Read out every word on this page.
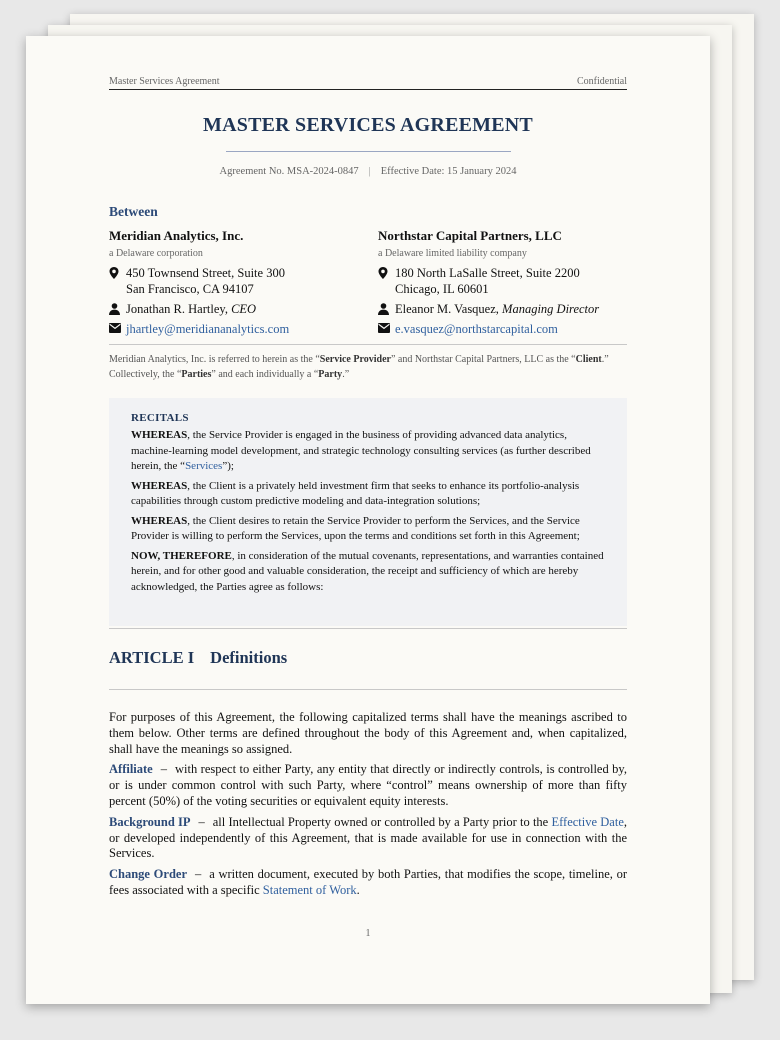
Master Services Agreement	Confidential
MASTER SERVICES AGREEMENT
Agreement No. MSA-2024-0847 | Effective Date: 15 January 2024
Between
Meridian Analytics, Inc.
a Delaware corporation
450 Townsend Street, Suite 300
San Francisco, CA 94107
Jonathan R. Hartley, CEO
jhartley@meridiananalytics.com
Northstar Capital Partners, LLC
a Delaware limited liability company
180 North LaSalle Street, Suite 2200
Chicago, IL 60601
Eleanor M. Vasquez, Managing Director
e.vasquez@northstarcapital.com
Meridian Analytics, Inc. is referred to herein as the “Service Provider” and Northstar Capital Partners, LLC as the “Client.” Collectively, the “Parties” and each individually a “Party.”
RECITALS

WHEREAS, the Service Provider is engaged in the business of providing advanced data analytics, machine-learning model development, and strategic technology consulting services (as further described herein, the “Services”);

WHEREAS, the Client is a privately held investment firm that seeks to enhance its portfolio-analysis capabilities through custom predictive modeling and data-integration solutions;

WHEREAS, the Client desires to retain the Service Provider to perform the Services, and the Service Provider is willing to perform the Services, upon the terms and conditions set forth in this Agreement;

NOW, THEREFORE, in consideration of the mutual covenants, representations, and warranties contained herein, and for other good and valuable consideration, the receipt and sufficiency of which are hereby acknowledged, the Parties agree as follows:

ARTICLE I Definitions

For purposes of this Agreement, the following capitalized terms shall have the meanings ascribed to them below. Other terms are defined throughout the body of this Agreement and, when capitalized, shall have the meanings so assigned.

Affiliate – with respect to either Party, any entity that directly or indirectly controls, is controlled by, or is under common control with such Party, where “control” means ownership of more than fifty percent (50%) of the voting securities or equivalent equity interests.

Background IP – all Intellectual Property owned or controlled by a Party prior to the Effective Date, or developed independently of this Agreement, that is made available for use in connection with the Services.

Change Order – a written document, executed by both Parties, that modifies the scope, timeline, or fees associated with a specific Statement of Work.

1
